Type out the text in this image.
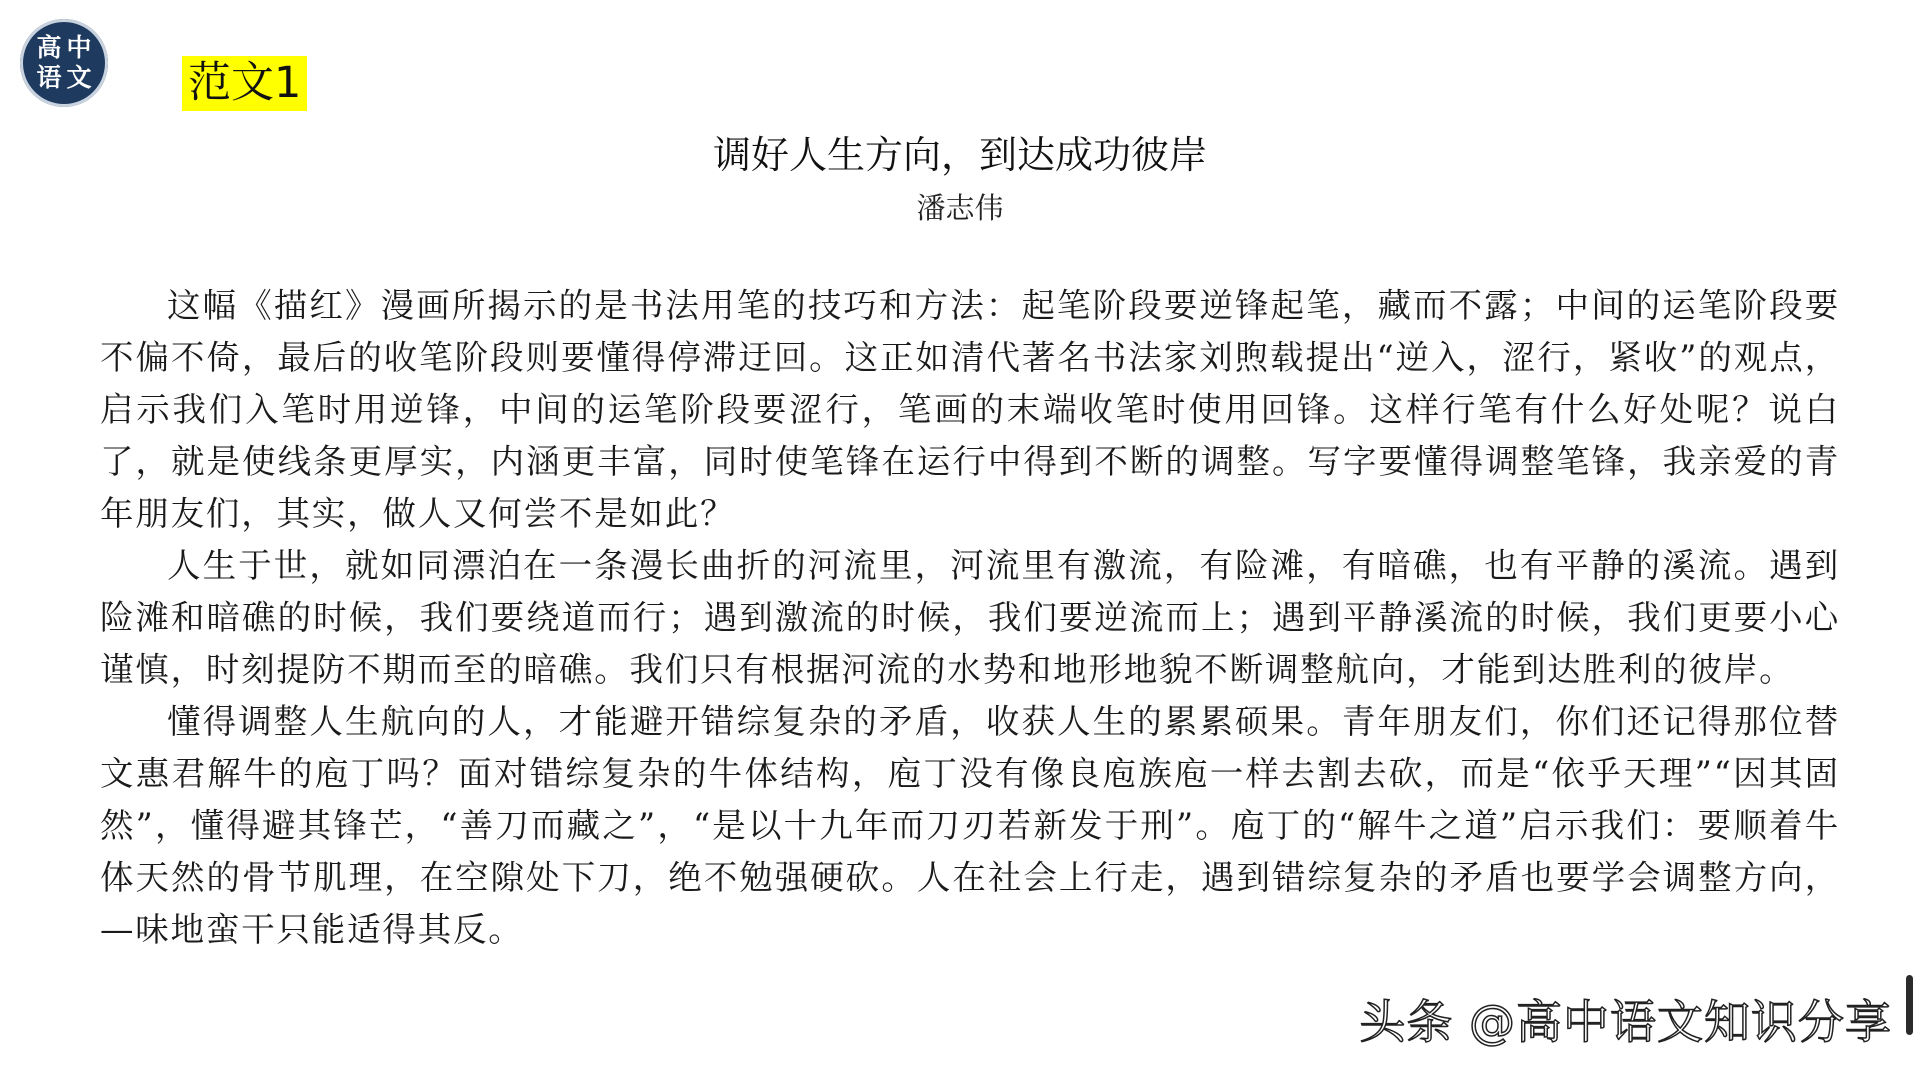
高 中
语 文 范文1
调好人生方向，到达成功彼岸
潘志伟

这幅《描红》漫画所揭示的是书法用笔的技巧和方法：起笔阶段要逆锋起笔，藏而不露；中间的运笔阶段要不偏不倚，最后的收笔阶段则要懂得停滞迂回。这正如清代著名书法家刘煦载提出“逆入，涩行，紧收”的观点，启示我们入笔时用逆锋，中间的运笔阶段要涩行，笔画的末端收笔时使用回锋。这样行笔有什么好处呢？说白了，就是使线条更厚实，内涵更丰富，同时使笔锋在运行中得到不断的调整。写字要懂得调整笔锋，我亲爱的青年朋友们，其实，做人又何尝不是如此？

人生于世，就如同漂泊在一条漫长曲折的河流里，河流里有激流，有险滩，有暗礁，也有平静的溪流。遇到险滩和暗礁的时候，我们要绕道而行；遇到激流的时候，我们要逆流而上；遇到平静溪流的时候，我们更要小心谨慎，时刻提防不期而至的暗礁。我们只有根据河流的水势和地形地貌不断调整航向，才能到达胜利的彼岸。

懂得调整人生航向的人，才能避开错综复杂的矛盾，收获人生的累累硕果。青年朋友们，你们还记得那位替文惠君解牛的庖丁吗？面对错综复杂的牛体结构，庖丁没有像良庖族庖一样去割去砍，而是“依乎天理”“因其固然”，懂得避其锋芒，“善刀而藏之”，“是以十九年而刀刃若新发于刑”。庖丁的“解牛之道”启示我们：要顺着牛体天然的骨节肌理，在空隙处下刀，绝不勉强硬砍。人在社会上行走，遇到错综复杂的矛盾也要学会调整方向，—味地蛮干只能适得其反。

头条 @高中语文知识分享
